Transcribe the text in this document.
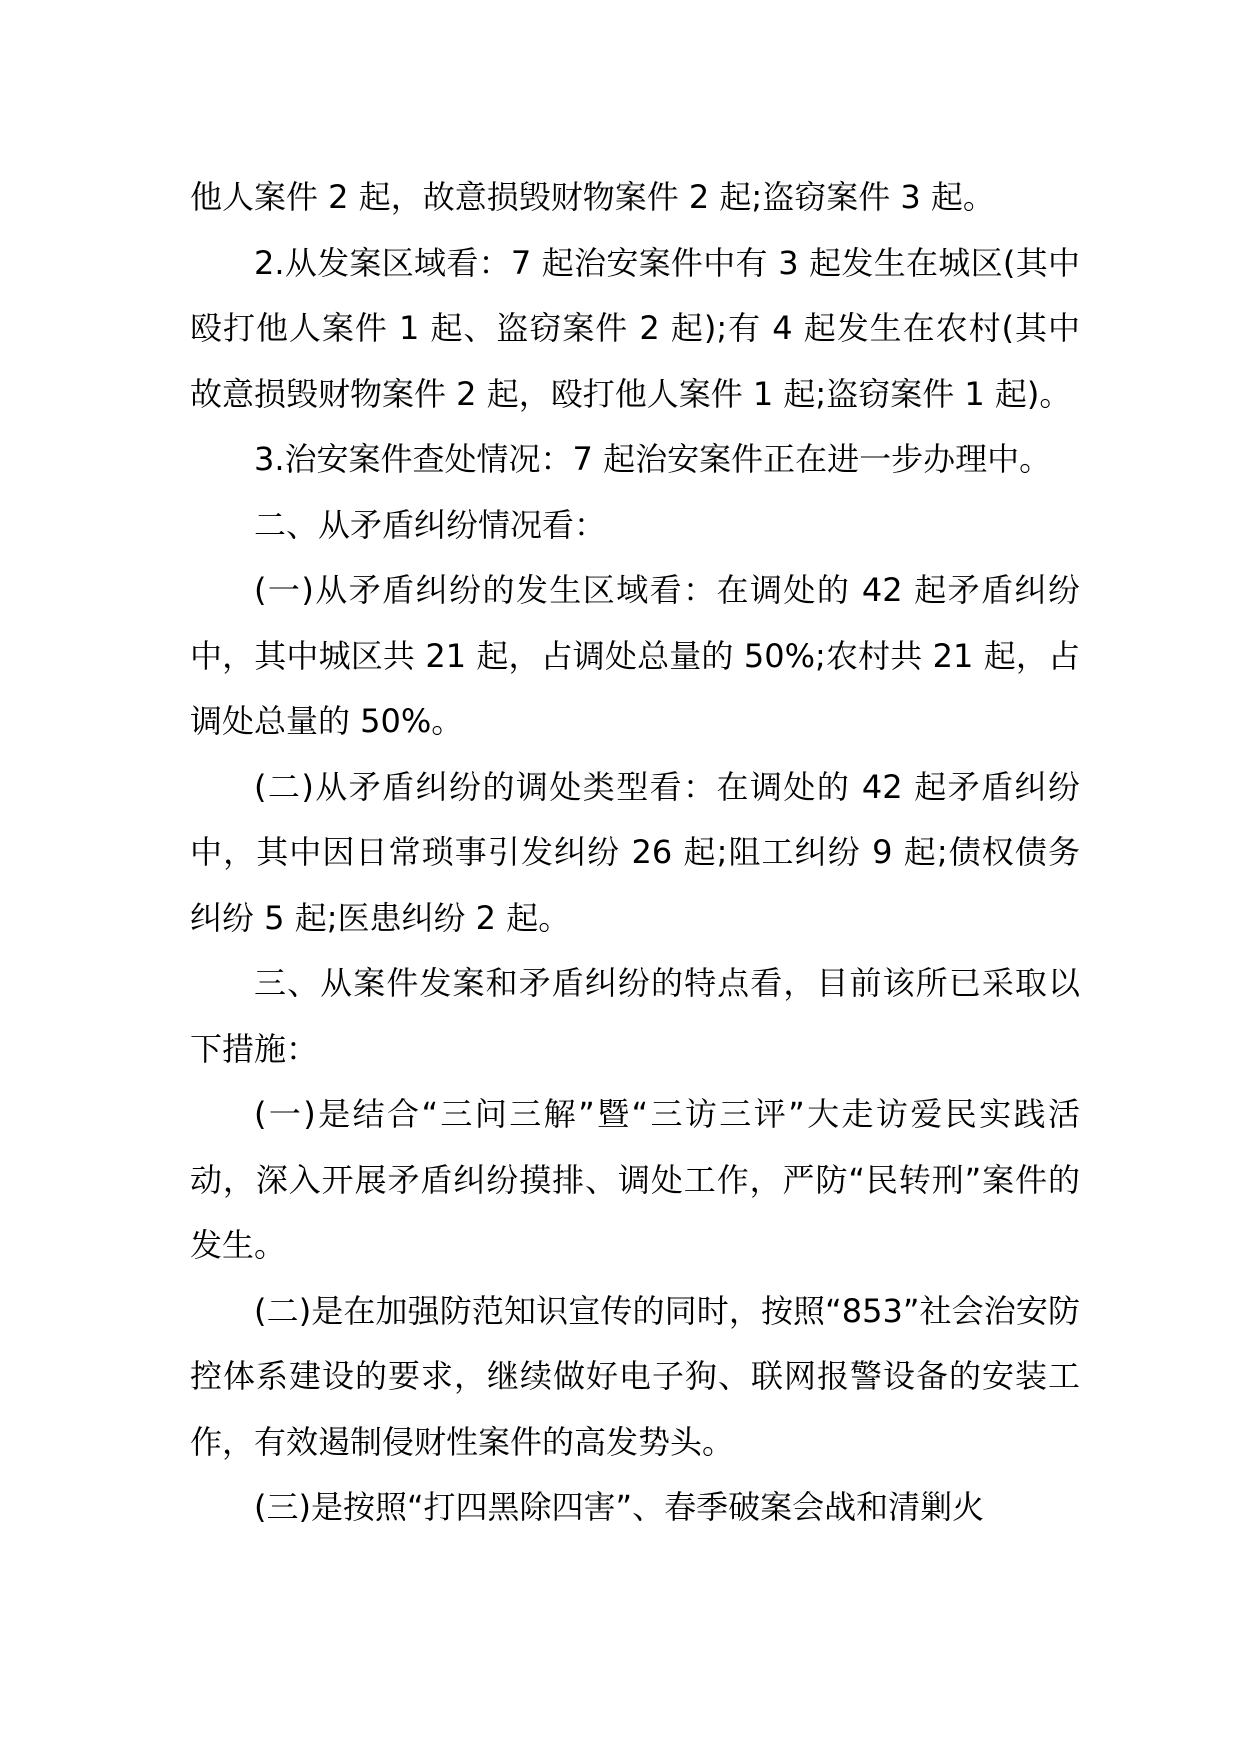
他人案件 2 起，故意损毁财物案件 2 起;盗窃案件 3 起。

2.从发案区域看：7 起治安案件中有 3 起发生在城区(其中殴打他人案件 1 起、盗窃案件 2 起);有 4 起发生在农村(其中故意损毁财物案件 2 起，殴打他人案件 1 起;盗窃案件 1 起)。

3.治安案件查处情况：7 起治安案件正在进一步办理中。

二、从矛盾纠纷情况看：

(一)从矛盾纠纷的发生区域看：在调处的 42 起矛盾纠纷中，其中城区共 21 起，占调处总量的 50%;农村共 21 起，占调处总量的 50%。

(二)从矛盾纠纷的调处类型看：在调处的 42 起矛盾纠纷中，其中因日常琐事引发纠纷 26 起;阻工纠纷 9 起;债权债务纠纷 5 起;医患纠纷 2 起。

三、从案件发案和矛盾纠纷的特点看，目前该所已采取以下措施：

(一)是结合“三问三解”暨“三访三评”大走访爱民实践活动，深入开展矛盾纠纷摸排、调处工作，严防“民转刑”案件的发生。

(二)是在加强防范知识宣传的同时，按照“853”社会治安防控体系建设的要求，继续做好电子狗、联网报警设备的安装工作，有效遏制侵财性案件的高发势头。

(三)是按照“打四黑除四害”、春季破案会战和清剿火
